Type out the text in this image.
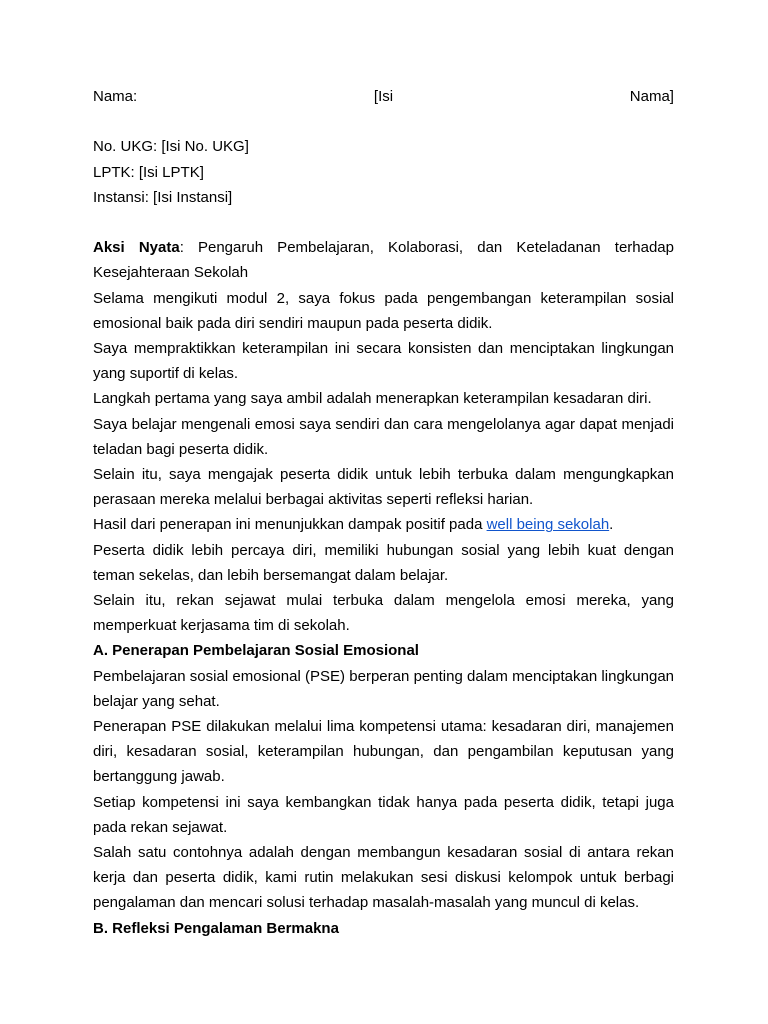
Nama:	[Isi	Nama]

No. UKG: [Isi No. UKG]

LPTK: [Isi LPTK]

Instansi: [Isi Instansi]

Aksi Nyata: Pengaruh Pembelajaran, Kolaborasi, dan Keteladanan terhadap Kesejahteraan Sekolah

Selama mengikuti modul 2, saya fokus pada pengembangan keterampilan sosial emosional baik pada diri sendiri maupun pada peserta didik.

Saya mempraktikkan keterampilan ini secara konsisten dan menciptakan lingkungan yang suportif di kelas.

Langkah pertama yang saya ambil adalah menerapkan keterampilan kesadaran diri.

Saya belajar mengenali emosi saya sendiri dan cara mengelolanya agar dapat menjadi teladan bagi peserta didik.

Selain itu, saya mengajak peserta didik untuk lebih terbuka dalam mengungkapkan perasaan mereka melalui berbagai aktivitas seperti refleksi harian.

Hasil dari penerapan ini menunjukkan dampak positif pada well being sekolah.

Peserta didik lebih percaya diri, memiliki hubungan sosial yang lebih kuat dengan teman sekelas, dan lebih bersemangat dalam belajar.

Selain itu, rekan sejawat mulai terbuka dalam mengelola emosi mereka, yang memperkuat kerjasama tim di sekolah.

A. Penerapan Pembelajaran Sosial Emosional

Pembelajaran sosial emosional (PSE) berperan penting dalam menciptakan lingkungan belajar yang sehat.

Penerapan PSE dilakukan melalui lima kompetensi utama: kesadaran diri, manajemen diri, kesadaran sosial, keterampilan hubungan, dan pengambilan keputusan yang bertanggung jawab.

Setiap kompetensi ini saya kembangkan tidak hanya pada peserta didik, tetapi juga pada rekan sejawat.

Salah satu contohnya adalah dengan membangun kesadaran sosial di antara rekan kerja dan peserta didik, kami rutin melakukan sesi diskusi kelompok untuk berbagi pengalaman dan mencari solusi terhadap masalah-masalah yang muncul di kelas.

B. Refleksi Pengalaman Bermakna
